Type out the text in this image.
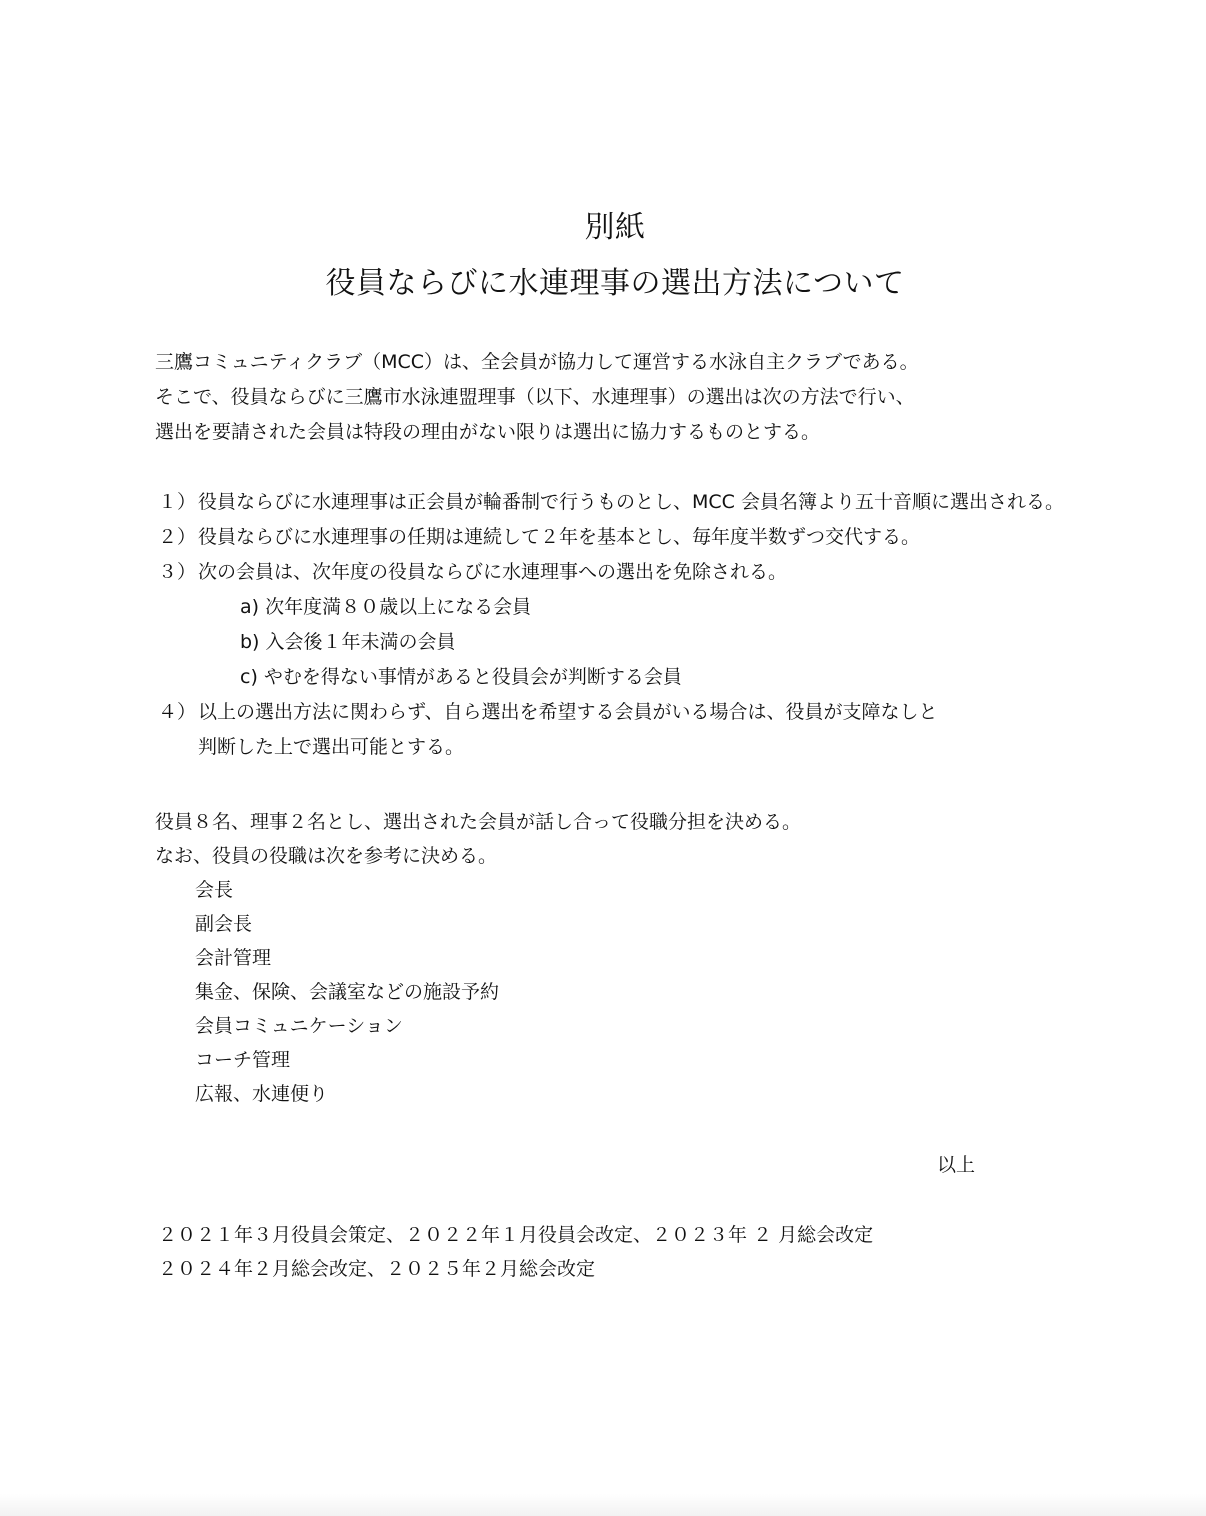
別紙
役員ならびに水連理事の選出方法について
三鷹コミュニティクラブ（MCC）は、全会員が協力して運営する水泳自主クラブである。
そこで、役員ならびに三鷹市水泳連盟理事（以下、水連理事）の選出は次の方法で行い、
選出を要請された会員は特段の理由がない限りは選出に協力するものとする。
１） 役員ならびに水連理事は正会員が輪番制で行うものとし、MCC 会員名簿より五十音順に選出される。
２） 役員ならびに水連理事の任期は連続して２年を基本とし、毎年度半数ずつ交代する。
３） 次の会員は、次年度の役員ならびに水連理事への選出を免除される。
a) 次年度満８０歳以上になる会員
b) 入会後１年未満の会員
c) やむを得ない事情があると役員会が判断する会員
４） 以上の選出方法に関わらず、自ら選出を希望する会員がいる場合は、役員が支障なしと
判断した上で選出可能とする。
役員８名、理事２名とし、選出された会員が話し合って役職分担を決める。
なお、役員の役職は次を参考に決める。
会長
副会長
会計管理
集金、保険、会議室などの施設予約
会員コミュニケーション
コーチ管理
広報、水連便り
以上
２０２１年３月役員会策定、２０２２年１月役員会改定、２０２３年 ２ 月総会改定
２０２４年２月総会改定、２０２５年２月総会改定
